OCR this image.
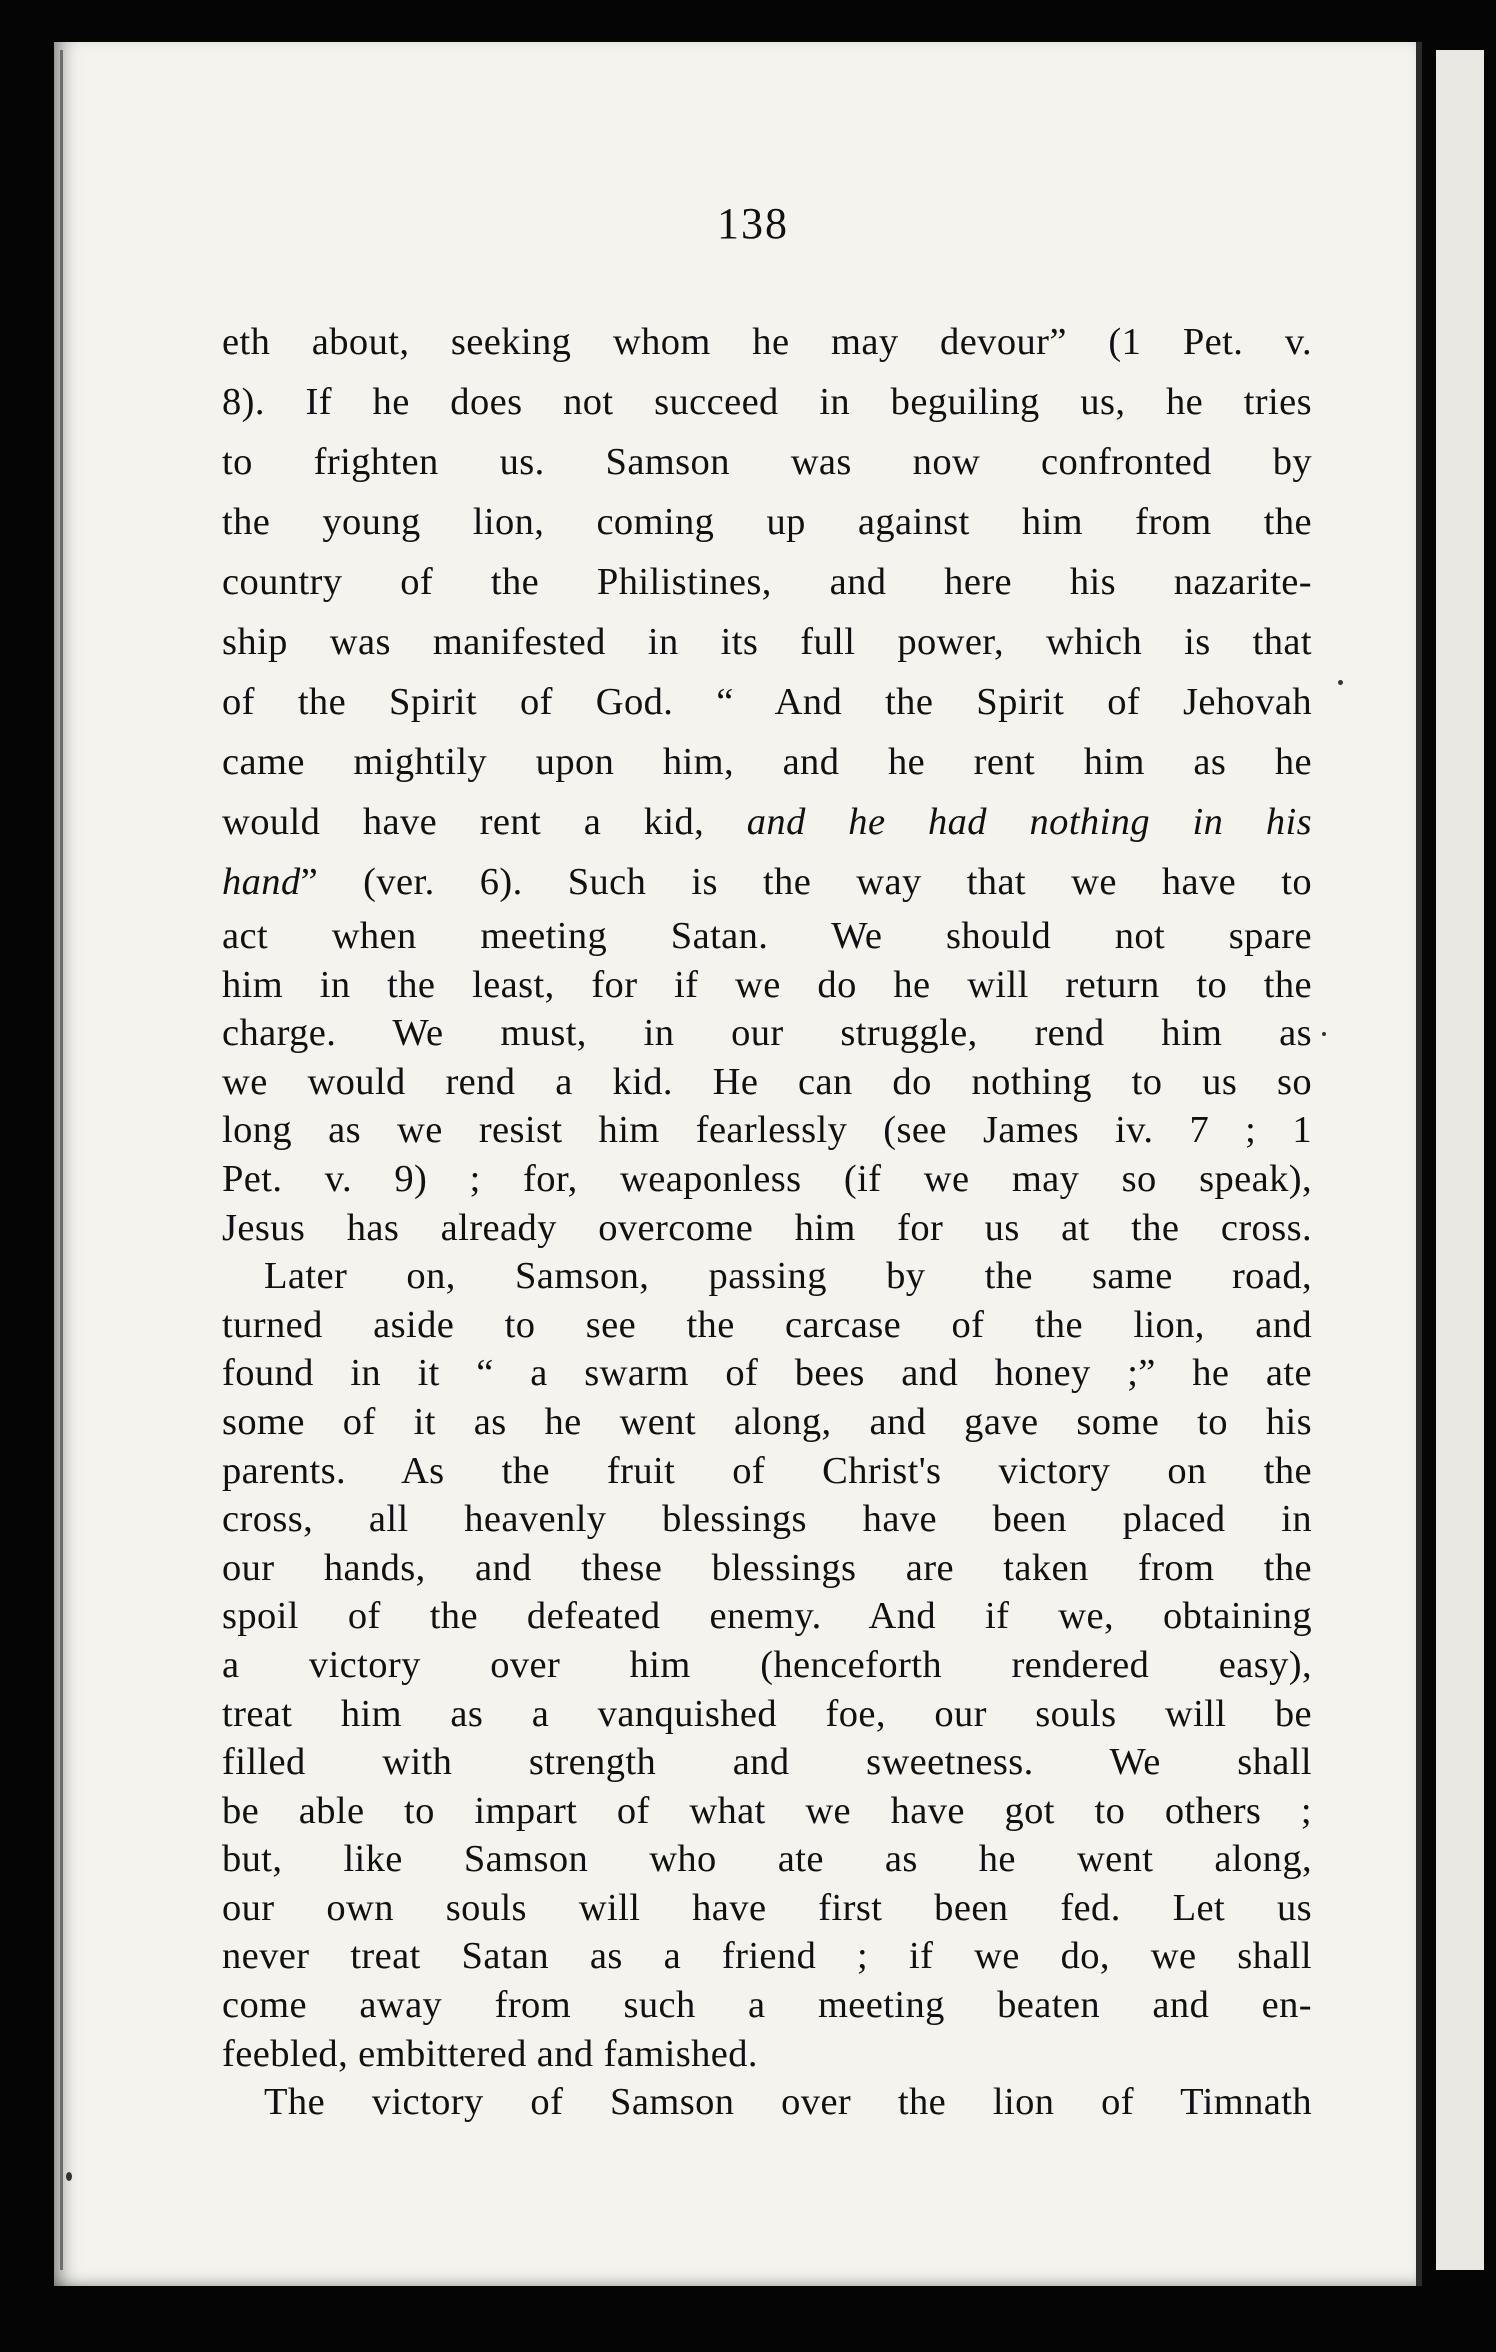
138
eth about, seeking whom he may devour” (1 Pet. v.
8). If he does not succeed in beguiling us, he tries
to frighten us. Samson was now confronted by
the young lion, coming up against him from the
country of the Philistines, and here his nazarite-
ship was manifested in its full power, which is that
of the Spirit of God. “ And the Spirit of Jehovah
came mightily upon him, and he rent him as he
would have rent a kid, and he had nothing in his
hand” (ver. 6). Such is the way that we have to
act when meeting Satan. We should not spare
him in the least, for if we do he will return to the
charge. We must, in our struggle, rend him as
we would rend a kid. He can do nothing to us so
long as we resist him fearlessly (see James iv. 7 ; 1
Pet. v. 9) ; for, weaponless (if we may so speak),
Jesus has already overcome him for us at the cross.
Later on, Samson, passing by the same road,
turned aside to see the carcase of the lion, and
found in it “ a swarm of bees and honey ;” he ate
some of it as he went along, and gave some to his
parents. As the fruit of Christ's victory on the
cross, all heavenly blessings have been placed in
our hands, and these blessings are taken from the
spoil of the defeated enemy. And if we, obtaining
a victory over him (henceforth rendered easy),
treat him as a vanquished foe, our souls will be
filled with strength and sweetness. We shall
be able to impart of what we have got to others ;
but, like Samson who ate as he went along,
our own souls will have first been fed. Let us
never treat Satan as a friend ; if we do, we shall
come away from such a meeting beaten and en-
feebled, embittered and famished.
The victory of Samson over the lion of Timnath
